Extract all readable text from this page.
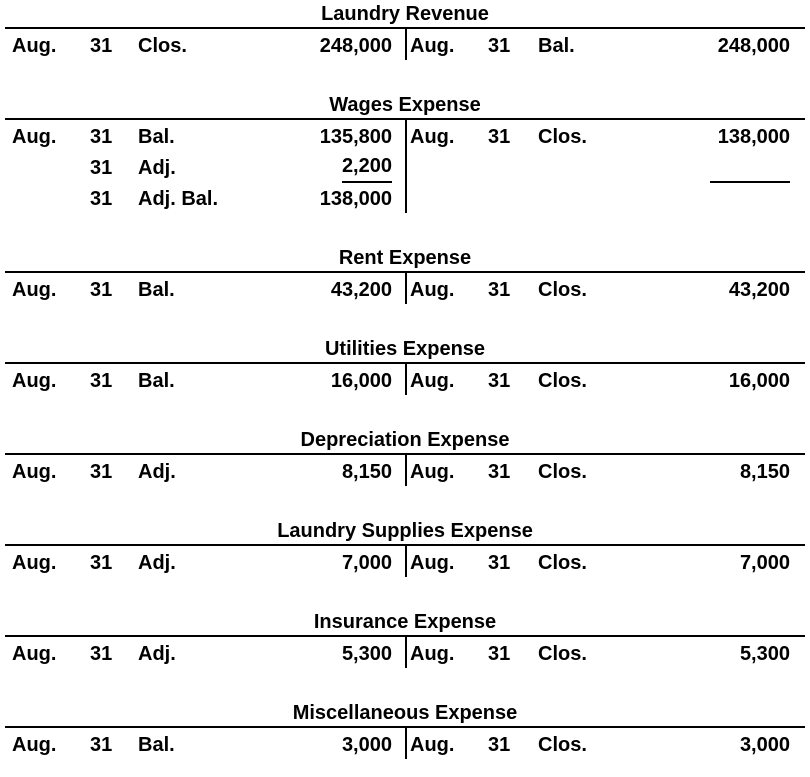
Laundry Revenue
Aug. 31 Clos.	248,000 Aug. 31 Bal.	248,000
Wages Expense
Aug. 31 Bal.	135,800 Aug. 31 Clos.	138,000
31 Adj.	2,200
31 Adj. Bal.	138,000
Rent Expense
Aug. 31 Bal.	43,200 Aug. 31 Clos.	43,200
Utilities Expense
Aug. 31 Bal.	16,000 Aug. 31 Clos.	16,000
Depreciation Expense
Aug. 31 Adj.	8,150 Aug. 31 Clos.	8,150
Laundry Supplies Expense
Aug. 31 Adj.	7,000 Aug. 31 Clos.	7,000
Insurance Expense
Aug. 31 Adj.	5,300 Aug. 31 Clos.	5,300
Miscellaneous Expense
Aug. 31 Bal.	3,000 Aug. 31 Clos.	3,000
